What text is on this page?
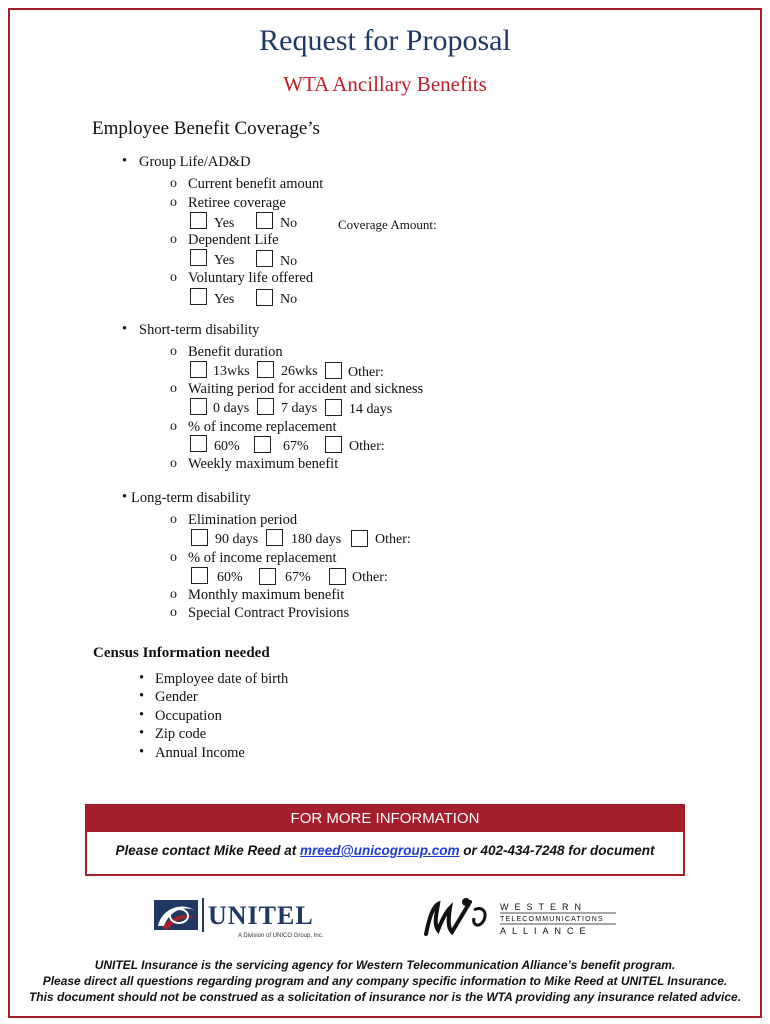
Request for Proposal
WTA Ancillary Benefits
Employee Benefit Coverage’s
• Group Life/AD&D
o Current benefit amount
o Retiree coverage
Yes	No	Coverage Amount:
o Dependent Life
Yes	No
o Voluntary life offered
Yes	No
• Short-term disability
o Benefit duration
13wks 26wks Other:
o Waiting period for accident and sickness
0 days 7 days 14 days
o % of income replacement
60%	67%	Other:
o Weekly maximum benefit
• Long-term disability
o Elimination period
90 days 180 days Other:
o % of income replacement
60%	67%	Other:
o Monthly maximum benefit
o Special Contract Provisions
Census Information needed
• Employee date of birth
• Gender
• Occupation
• Zip code
• Annual Income
FOR MORE INFORMATION
Please contact Mike Reed at mreed@unicogroup.com or 402-434-7248 for document
UNITEL
A Division of UNICO Group, Inc.
WESTERN
TELECOMMUNICATIONS
ALLIANCE
UNITEL Insurance is the servicing agency for Western Telecommunication Alliance’s benefit program.
Please direct all questions regarding program and any company specific information to Mike Reed at UNITEL Insurance.
This document should not be construed as a solicitation of insurance nor is the WTA providing any insurance related advice.
